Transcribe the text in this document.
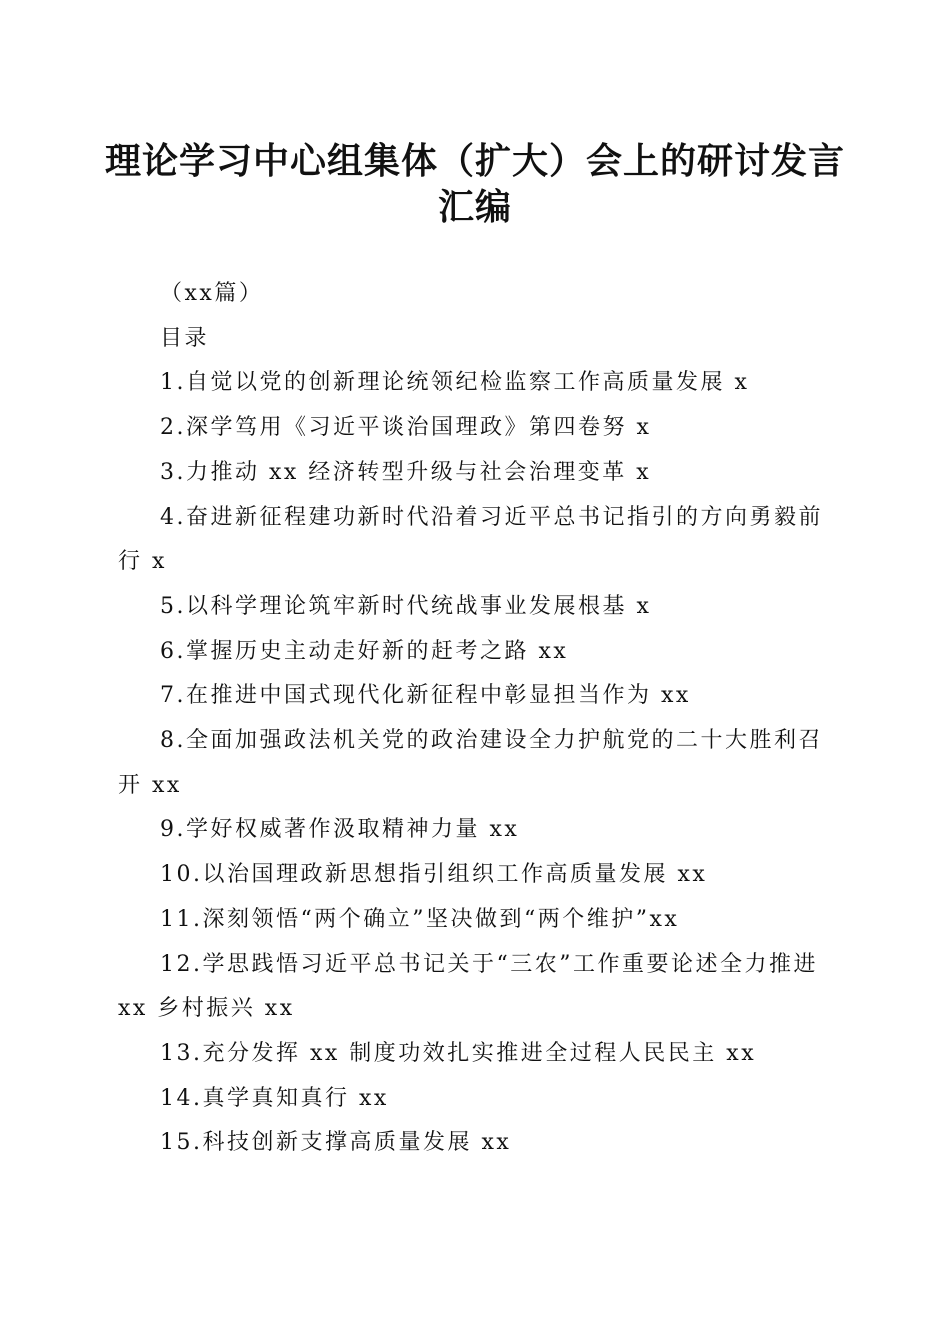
理论学习中心组集体（扩大）会上的研讨发言
汇编

（xx篇）

目录

1.自觉以党的创新理论统领纪检监察工作高质量发展 x

2.深学笃用《习近平谈治国理政》第四卷努 x

3.力推动 xx 经济转型升级与社会治理变革 x

4.奋进新征程建功新时代沿着习近平总书记指引的方向勇毅前行 x

5.以科学理论筑牢新时代统战事业发展根基 x

6.掌握历史主动走好新的赶考之路 xx

7.在推进中国式现代化新征程中彰显担当作为 xx

8.全面加强政法机关党的政治建设全力护航党的二十大胜利召开 xx

9.学好权威著作汲取精神力量 xx

10.以治国理政新思想指引组织工作高质量发展 xx

11.深刻领悟“两个确立”坚决做到“两个维护”xx

12.学思践悟习近平总书记关于“三农”工作重要论述全力推进 xx 乡村振兴 xx

13.充分发挥 xx 制度功效扎实推进全过程人民民主 xx

14.真学真知真行 xx

15.科技创新支撑高质量发展 xx
